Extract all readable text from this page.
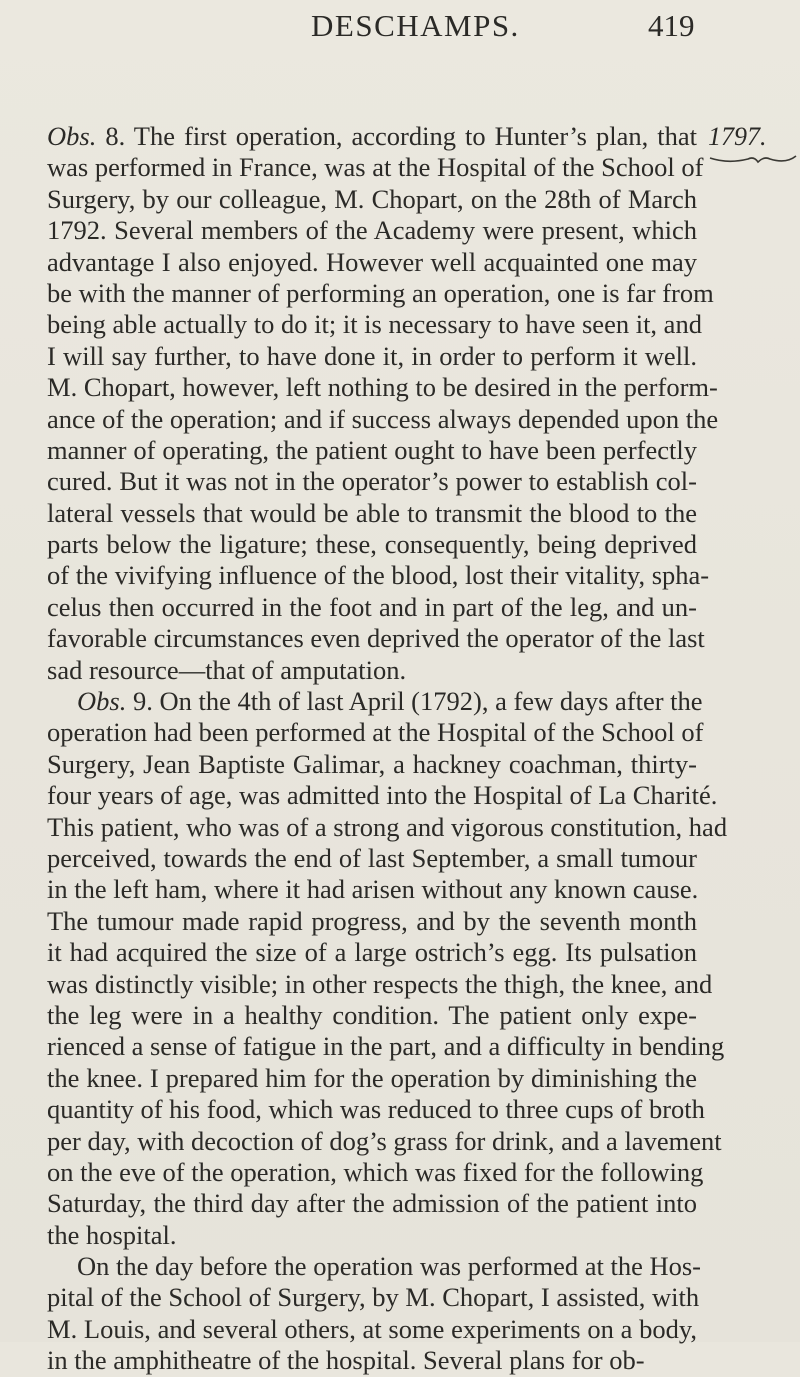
DESCHAMPS.	419
1797.
Obs. 8. The first operation, according to Hunter’s plan, that
was performed in France, was at the Hospital of the School of
Surgery, by our colleague, M. Chopart, on the 28th of March
1792. Several members of the Academy were present, which
advantage I also enjoyed. However well acquainted one may
be with the manner of performing an operation, one is far from
being able actually to do it; it is necessary to have seen it, and
I will say further, to have done it, in order to perform it well.
M. Chopart, however, left nothing to be desired in the perform-
ance of the operation; and if success always depended upon the
manner of operating, the patient ought to have been perfectly
cured. But it was not in the operator’s power to establish col-
lateral vessels that would be able to transmit the blood to the
parts below the ligature; these, consequently, being deprived
of the vivifying influence of the blood, lost their vitality, spha-
celus then occurred in the foot and in part of the leg, and un-
favorable circumstances even deprived the operator of the last
sad resource—that of amputation.
Obs. 9. On the 4th of last April (1792), a few days after the
operation had been performed at the Hospital of the School of
Surgery, Jean Baptiste Galimar, a hackney coachman, thirty-
four years of age, was admitted into the Hospital of La Charité.
This patient, who was of a strong and vigorous constitution, had
perceived, towards the end of last September, a small tumour
in the left ham, where it had arisen without any known cause.
The tumour made rapid progress, and by the seventh month
it had acquired the size of a large ostrich’s egg. Its pulsation
was distinctly visible; in other respects the thigh, the knee, and
the leg were in a healthy condition. The patient only expe-
rienced a sense of fatigue in the part, and a difficulty in bending
the knee. I prepared him for the operation by diminishing the
quantity of his food, which was reduced to three cups of broth
per day, with decoction of dog’s grass for drink, and a lavement
on the eve of the operation, which was fixed for the following
Saturday, the third day after the admission of the patient into
the hospital.
On the day before the operation was performed at the Hos-
pital of the School of Surgery, by M. Chopart, I assisted, with
M. Louis, and several others, at some experiments on a body,
in the amphitheatre of the hospital. Several plans for ob-
